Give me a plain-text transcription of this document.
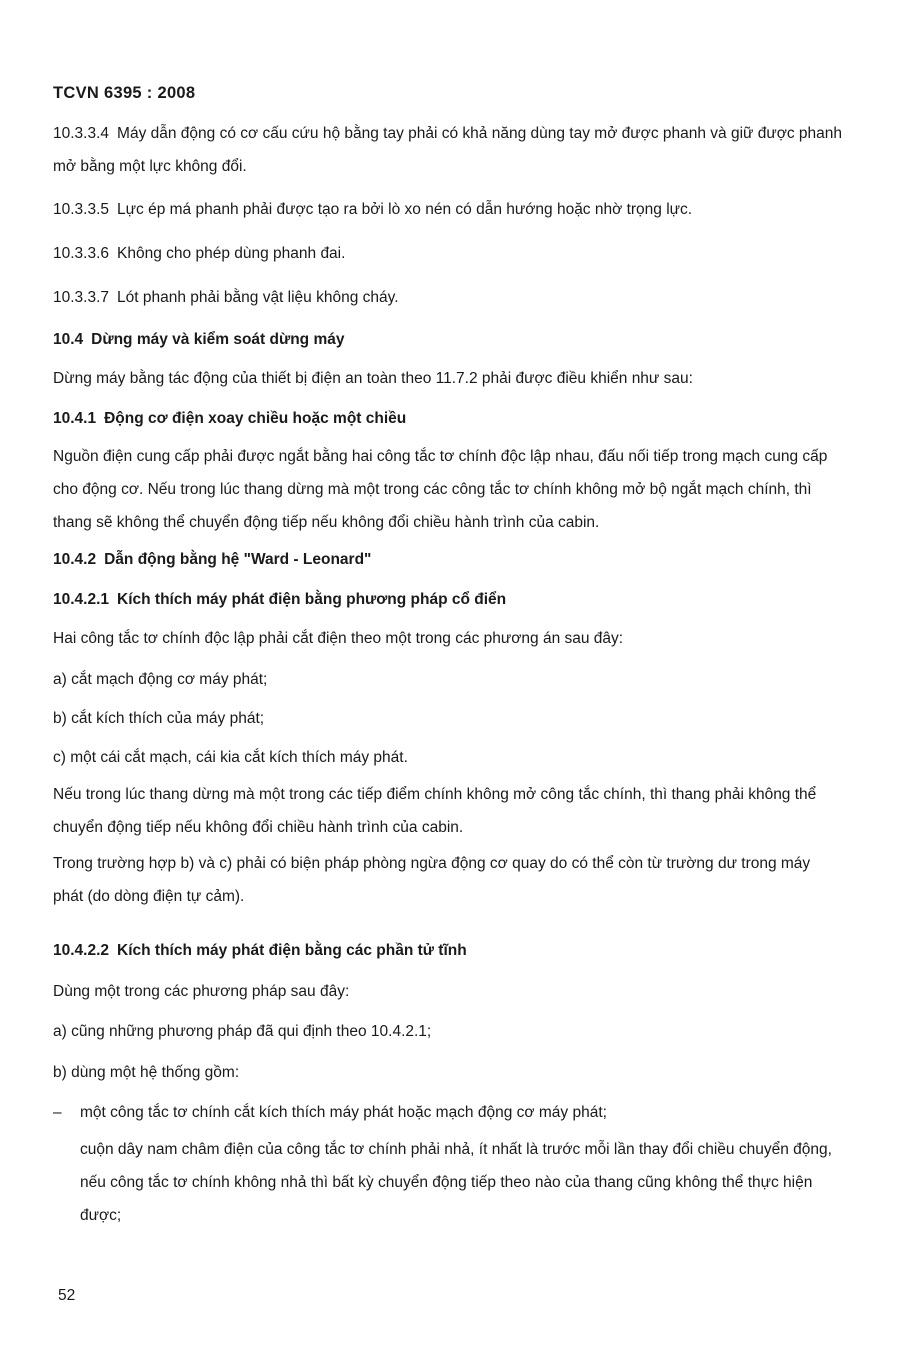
TCVN 6395 : 2008

10.3.3.4 Máy dẫn động có cơ cấu cứu hộ bằng tay phải có khả năng dùng tay mở được phanh và giữ được phanh mở bằng một lực không đổi.

10.3.3.5 Lực ép má phanh phải được tạo ra bởi lò xo nén có dẫn hướng hoặc nhờ trọng lực.

10.3.3.6 Không cho phép dùng phanh đai.

10.3.3.7 Lót phanh phải bằng vật liệu không cháy.

10.4 Dừng máy và kiểm soát dừng máy

Dừng máy bằng tác động của thiết bị điện an toàn theo 11.7.2 phải được điều khiển như sau:

10.4.1 Động cơ điện xoay chiều hoặc một chiều

Nguồn điện cung cấp phải được ngắt bằng hai công tắc tơ chính độc lập nhau, đấu nối tiếp trong mạch cung cấp cho động cơ. Nếu trong lúc thang dừng mà một trong các công tắc tơ chính không mở bộ ngắt mạch chính, thì thang sẽ không thể chuyển động tiếp nếu không đổi chiều hành trình của cabin.

10.4.2 Dẫn động bằng hệ "Ward - Leonard"

10.4.2.1 Kích thích máy phát điện bằng phương pháp cổ điển

Hai công tắc tơ chính độc lập phải cắt điện theo một trong các phương án sau đây:

a) cắt mạch động cơ máy phát;

b) cắt kích thích của máy phát;

c) một cái cắt mạch, cái kia cắt kích thích máy phát.

Nếu trong lúc thang dừng mà một trong các tiếp điểm chính không mở công tắc chính, thì thang phải không thể chuyển động tiếp nếu không đổi chiều hành trình của cabin.

Trong trường hợp b) và c) phải có biện pháp phòng ngừa động cơ quay do có thể còn từ trường dư trong máy phát (do dòng điện tự cảm).

10.4.2.2 Kích thích máy phát điện bằng các phần tử tĩnh

Dùng một trong các phương pháp sau đây:

a) cũng những phương pháp đã qui định theo 10.4.2.1;

b) dùng một hệ thống gồm:

–	một công tắc tơ chính cắt kích thích máy phát hoặc mạch động cơ máy phát;

cuộn dây nam châm điện của công tắc tơ chính phải nhả, ít nhất là trước mỗi lần thay đổi chiều chuyển động, nếu công tắc tơ chính không nhả thì bất kỳ chuyển động tiếp theo nào của thang cũng không thể thực hiện được;

52
